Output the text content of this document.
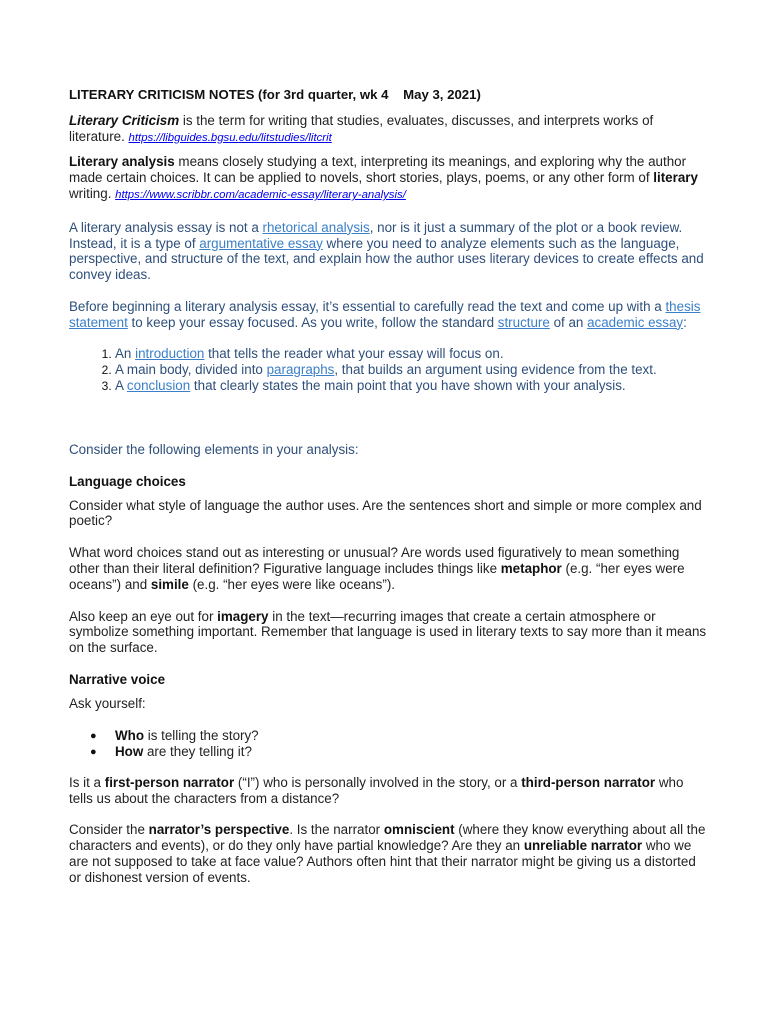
LITERARY CRITICISM NOTES (for 3rd quarter, wk 4    May 3, 2021)

Literary Criticism is the term for writing that studies, evaluates, discusses, and interprets works of literature. https://libguides.bgsu.edu/litstudies/litcrit

Literary analysis means closely studying a text, interpreting its meanings, and exploring why the author made certain choices. It can be applied to novels, short stories, plays, poems, or any other form of literary writing. https://www.scribbr.com/academic-essay/literary-analysis/

A literary analysis essay is not a rhetorical analysis, nor is it just a summary of the plot or a book review. Instead, it is a type of argumentative essay where you need to analyze elements such as the language, perspective, and structure of the text, and explain how the author uses literary devices to create effects and convey ideas.

Before beginning a literary analysis essay, it’s essential to carefully read the text and come up with a thesis statement to keep your essay focused. As you write, follow the standard structure of an academic essay:

1. An introduction that tells the reader what your essay will focus on.
2. A main body, divided into paragraphs, that builds an argument using evidence from the text.
3. A conclusion that clearly states the main point that you have shown with your analysis.

Consider the following elements in your analysis:

Language choices

Consider what style of language the author uses. Are the sentences short and simple or more complex and poetic?

What word choices stand out as interesting or unusual? Are words used figuratively to mean something other than their literal definition? Figurative language includes things like metaphor (e.g. “her eyes were oceans”) and simile (e.g. “her eyes were like oceans”).

Also keep an eye out for imagery in the text—recurring images that create a certain atmosphere or symbolize something important. Remember that language is used in literary texts to say more than it means on the surface.

Narrative voice

Ask yourself:

● Who is telling the story?
● How are they telling it?

Is it a first-person narrator (“I”) who is personally involved in the story, or a third-person narrator who tells us about the characters from a distance?

Consider the narrator’s perspective. Is the narrator omniscient (where they know everything about all the characters and events), or do they only have partial knowledge? Are they an unreliable narrator who we are not supposed to take at face value? Authors often hint that their narrator might be giving us a distorted or dishonest version of events.
